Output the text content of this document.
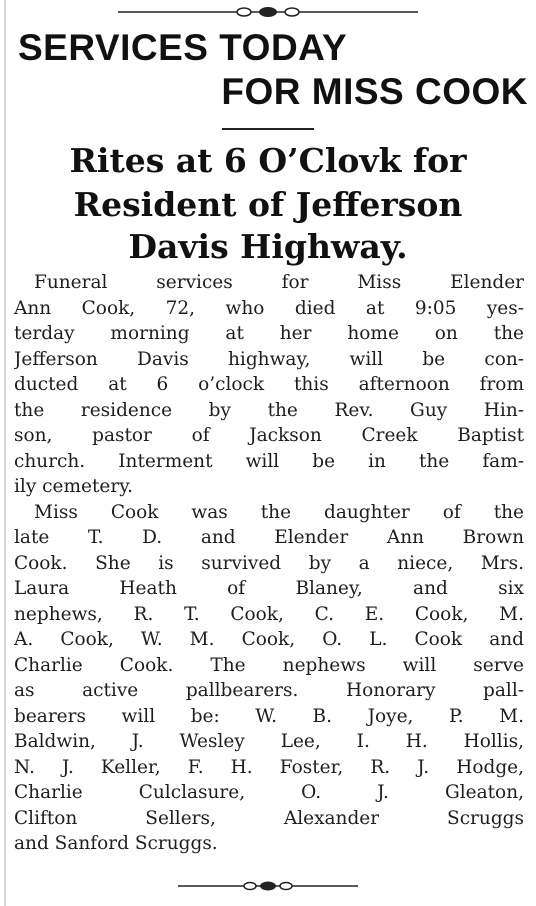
SERVICES TODAY
FOR MISS COOK
Rites at 6 O’Clovk for
Resident of Jefferson
Davis Highway.
Funeral services for Miss Elender
Ann Cook, 72, who died at 9:05 yes-
terday morning at her home on the
Jefferson Davis highway, will be con-
ducted at 6 o’clock this afternoon from
the residence by the Rev. Guy Hin-
son, pastor of Jackson Creek Baptist
church. Interment will be in the fam-
ily cemetery.
Miss Cook was the daughter of the
late T. D. and Elender Ann Brown
Cook. She is survived by a niece, Mrs.
Laura Heath of Blaney, and six
nephews, R. T. Cook, C. E. Cook, M.
A. Cook, W. M. Cook, O. L. Cook and
Charlie Cook. The nephews will serve
as active pallbearers. Honorary pall-
bearers will be: W. B. Joye, P. M.
Baldwin, J. Wesley Lee, I. H. Hollis,
N. J. Keller, F. H. Foster, R. J. Hodge,
Charlie Culclasure, O. J. Gleaton,
Clifton Sellers, Alexander Scruggs
and Sanford Scruggs.
